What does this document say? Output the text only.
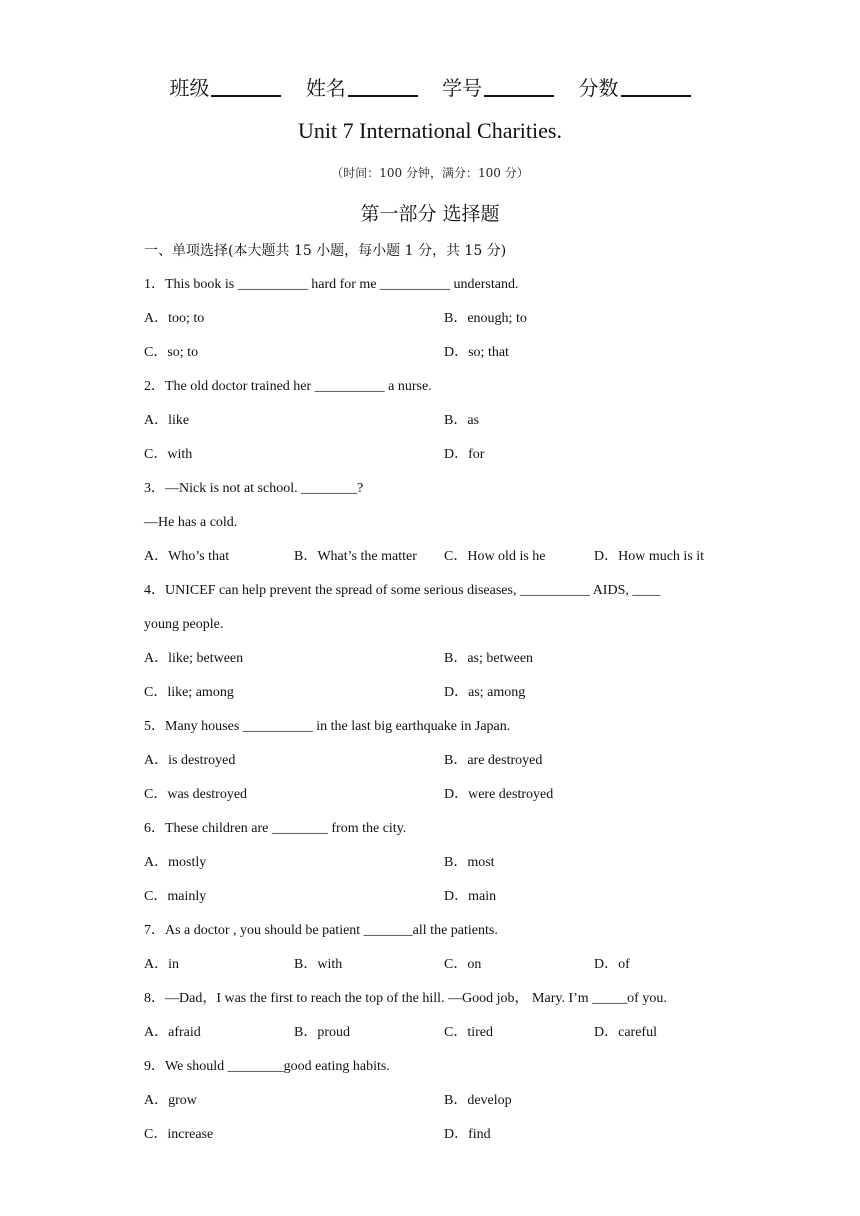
班级	姓名	学号	分数
Unit 7 International Charities.
（时间：100 分钟，满分：100 分）
第一部分 选择题
一、单项选择(本大题共 15 小题，每小题 1 分，共 15 分)
1．This book is __________ hard for me __________ understand.
A．too; to	B．enough; to
C．so; to	D．so; that
2．The old doctor trained her __________ a nurse.
A．like	B．as
C．with	D．for
3．—Nick is not at school. ________?
—He has a cold.
A．Who’s that	B．What’s the matter C．How old is he	D．How much is it
4．UNICEF can help prevent the spread of some serious diseases, __________ AIDS, ____
young people.
A．like; between	B．as; between
C．like; among	D．as; among
5．Many houses __________ in the last big earthquake in Japan.
A．is destroyed	B．are destroyed
C．was destroyed	D．were destroyed
6．These children are ________ from the city.
A．mostly	B．most
C．mainly	D．main
7．As a doctor , you should be patient _______all the patients.
A．in	B．with	C．on	D．of
8．—Dad，I was the first to reach the top of the hill. —Good job， Mary. I’m _____of you.
A．afraid	B．proud	C．tired	D．careful
9．We should ________good eating habits.
A．grow	B．develop
C．increase	D．find
